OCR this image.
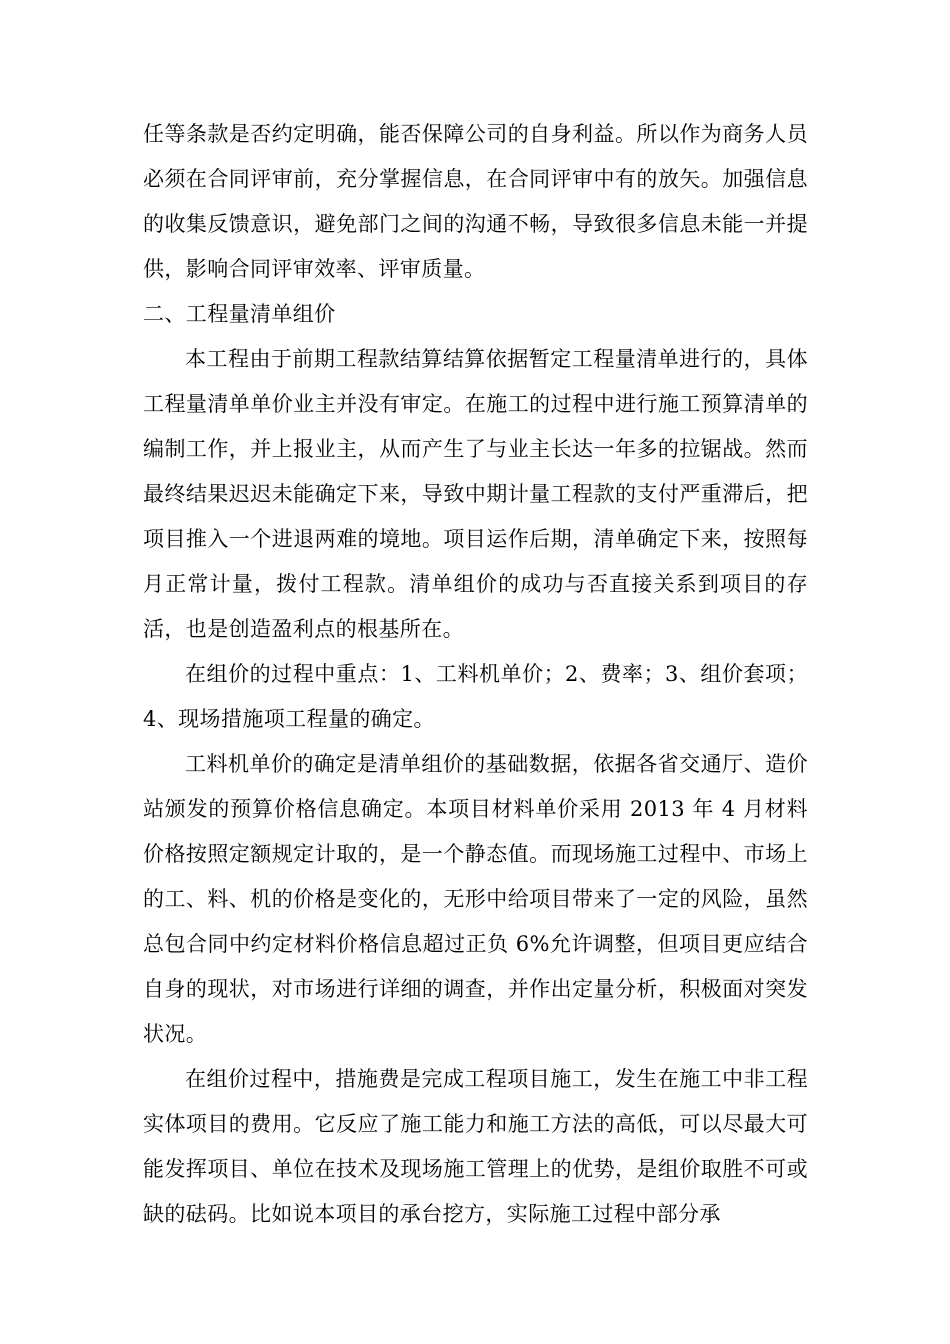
任等条款是否约定明确，能否保障公司的自身利益。所以作为商务人员必须在合同评审前，充分掌握信息，在合同评审中有的放矢。加强信息的收集反馈意识，避免部门之间的沟通不畅，导致很多信息未能一并提供，影响合同评审效率、评审质量。

二、工程量清单组价

本工程由于前期工程款结算结算依据暂定工程量清单进行的，具体工程量清单单价业主并没有审定。在施工的过程中进行施工预算清单的编制工作，并上报业主，从而产生了与业主长达一年多的拉锯战。然而最终结果迟迟未能确定下来，导致中期计量工程款的支付严重滞后，把项目推入一个进退两难的境地。项目运作后期，清单确定下来，按照每月正常计量，拨付工程款。清单组价的成功与否直接关系到项目的存活，也是创造盈利点的根基所在。

在组价的过程中重点：1、工料机单价；2、费率；3、组价套项；4、现场措施项工程量的确定。

工料机单价的确定是清单组价的基础数据，依据各省交通厅、造价站颁发的预算价格信息确定。本项目材料单价采用 2013 年 4 月材料价格按照定额规定计取的，是一个静态值。而现场施工过程中、市场上的工、料、机的价格是变化的，无形中给项目带来了一定的风险，虽然总包合同中约定材料价格信息超过正负 6%允许调整，但项目更应结合自身的现状，对市场进行详细的调查，并作出定量分析，积极面对突发状况。

在组价过程中，措施费是完成工程项目施工，发生在施工中非工程实体项目的费用。它反应了施工能力和施工方法的高低，可以尽最大可能发挥项目、单位在技术及现场施工管理上的优势，是组价取胜不可或缺的砝码。比如说本项目的承台挖方，实际施工过程中部分承
